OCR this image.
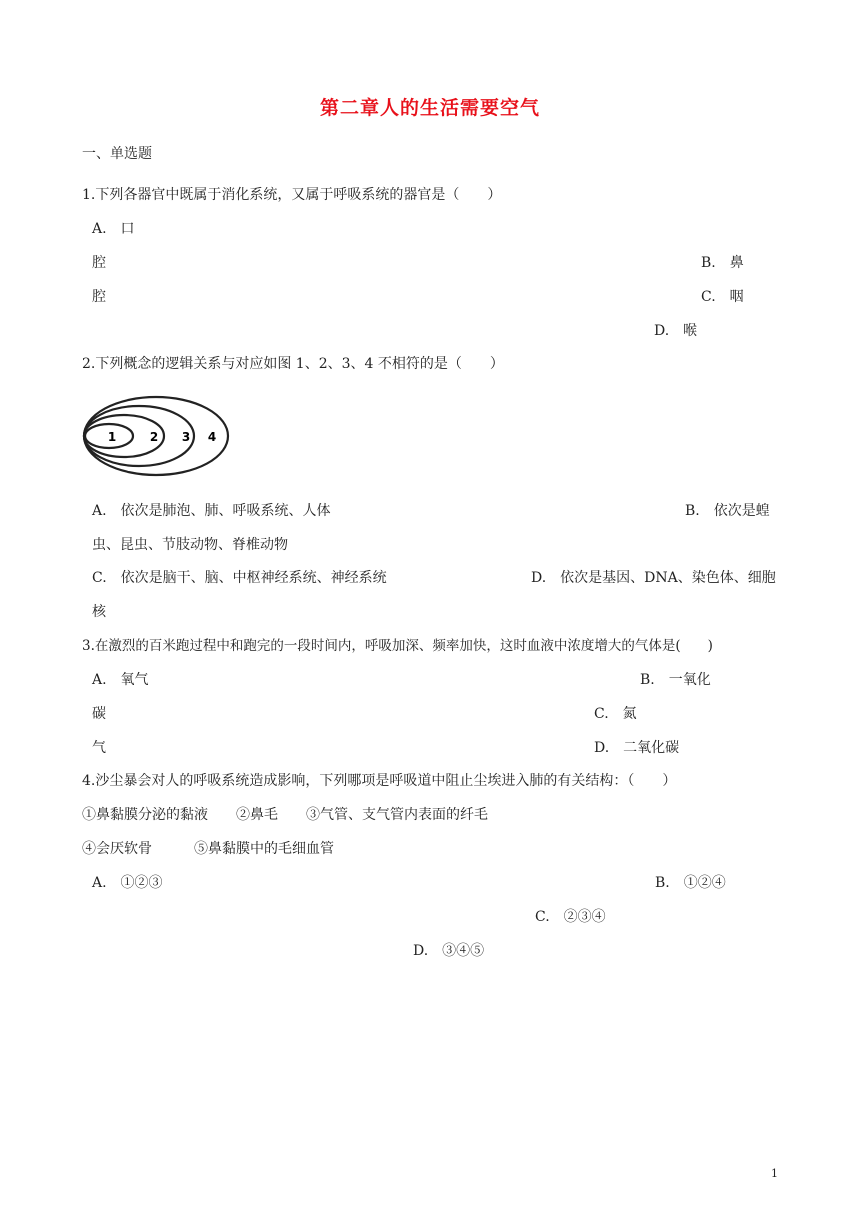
第二章人的生活需要空气
一、单选题
1.下列各器官中既属于消化系统，又属于呼吸系统的器官是（　　）
A.　口
腔	B.　鼻
腔	C.　咽
D.　喉
2.下列概念的逻辑关系与对应如图 1、2、3、4 不相符的是（　　）
1	2 3 4
A.　依次是肺泡、肺、呼吸系统、人体	B.　依次是蝗
虫、昆虫、节肢动物、脊椎动物
C.　依次是脑干、脑、中枢神经系统、神经系统	D.　依次是基因、DNA、染色体、细胞
核
3.在激烈的百米跑过程中和跑完的一段时间内，呼吸加深、频率加快，这时血液中浓度增大的气体是(　　)
A.　氧气	B.　一氧化
碳	C.　氮
气	D.　二氧化碳
4.沙尘暴会对人的呼吸系统造成影响，下列哪项是呼吸道中阻止尘埃进入肺的有关结构：（　　）
①鼻黏膜分泌的黏液　　②鼻毛　　③气管、支气管内表面的纤毛
④会厌软骨　　　⑤鼻黏膜中的毛细血管
A.　①②③	B.　①②④
C.　②③④
D.　③④⑤
1
